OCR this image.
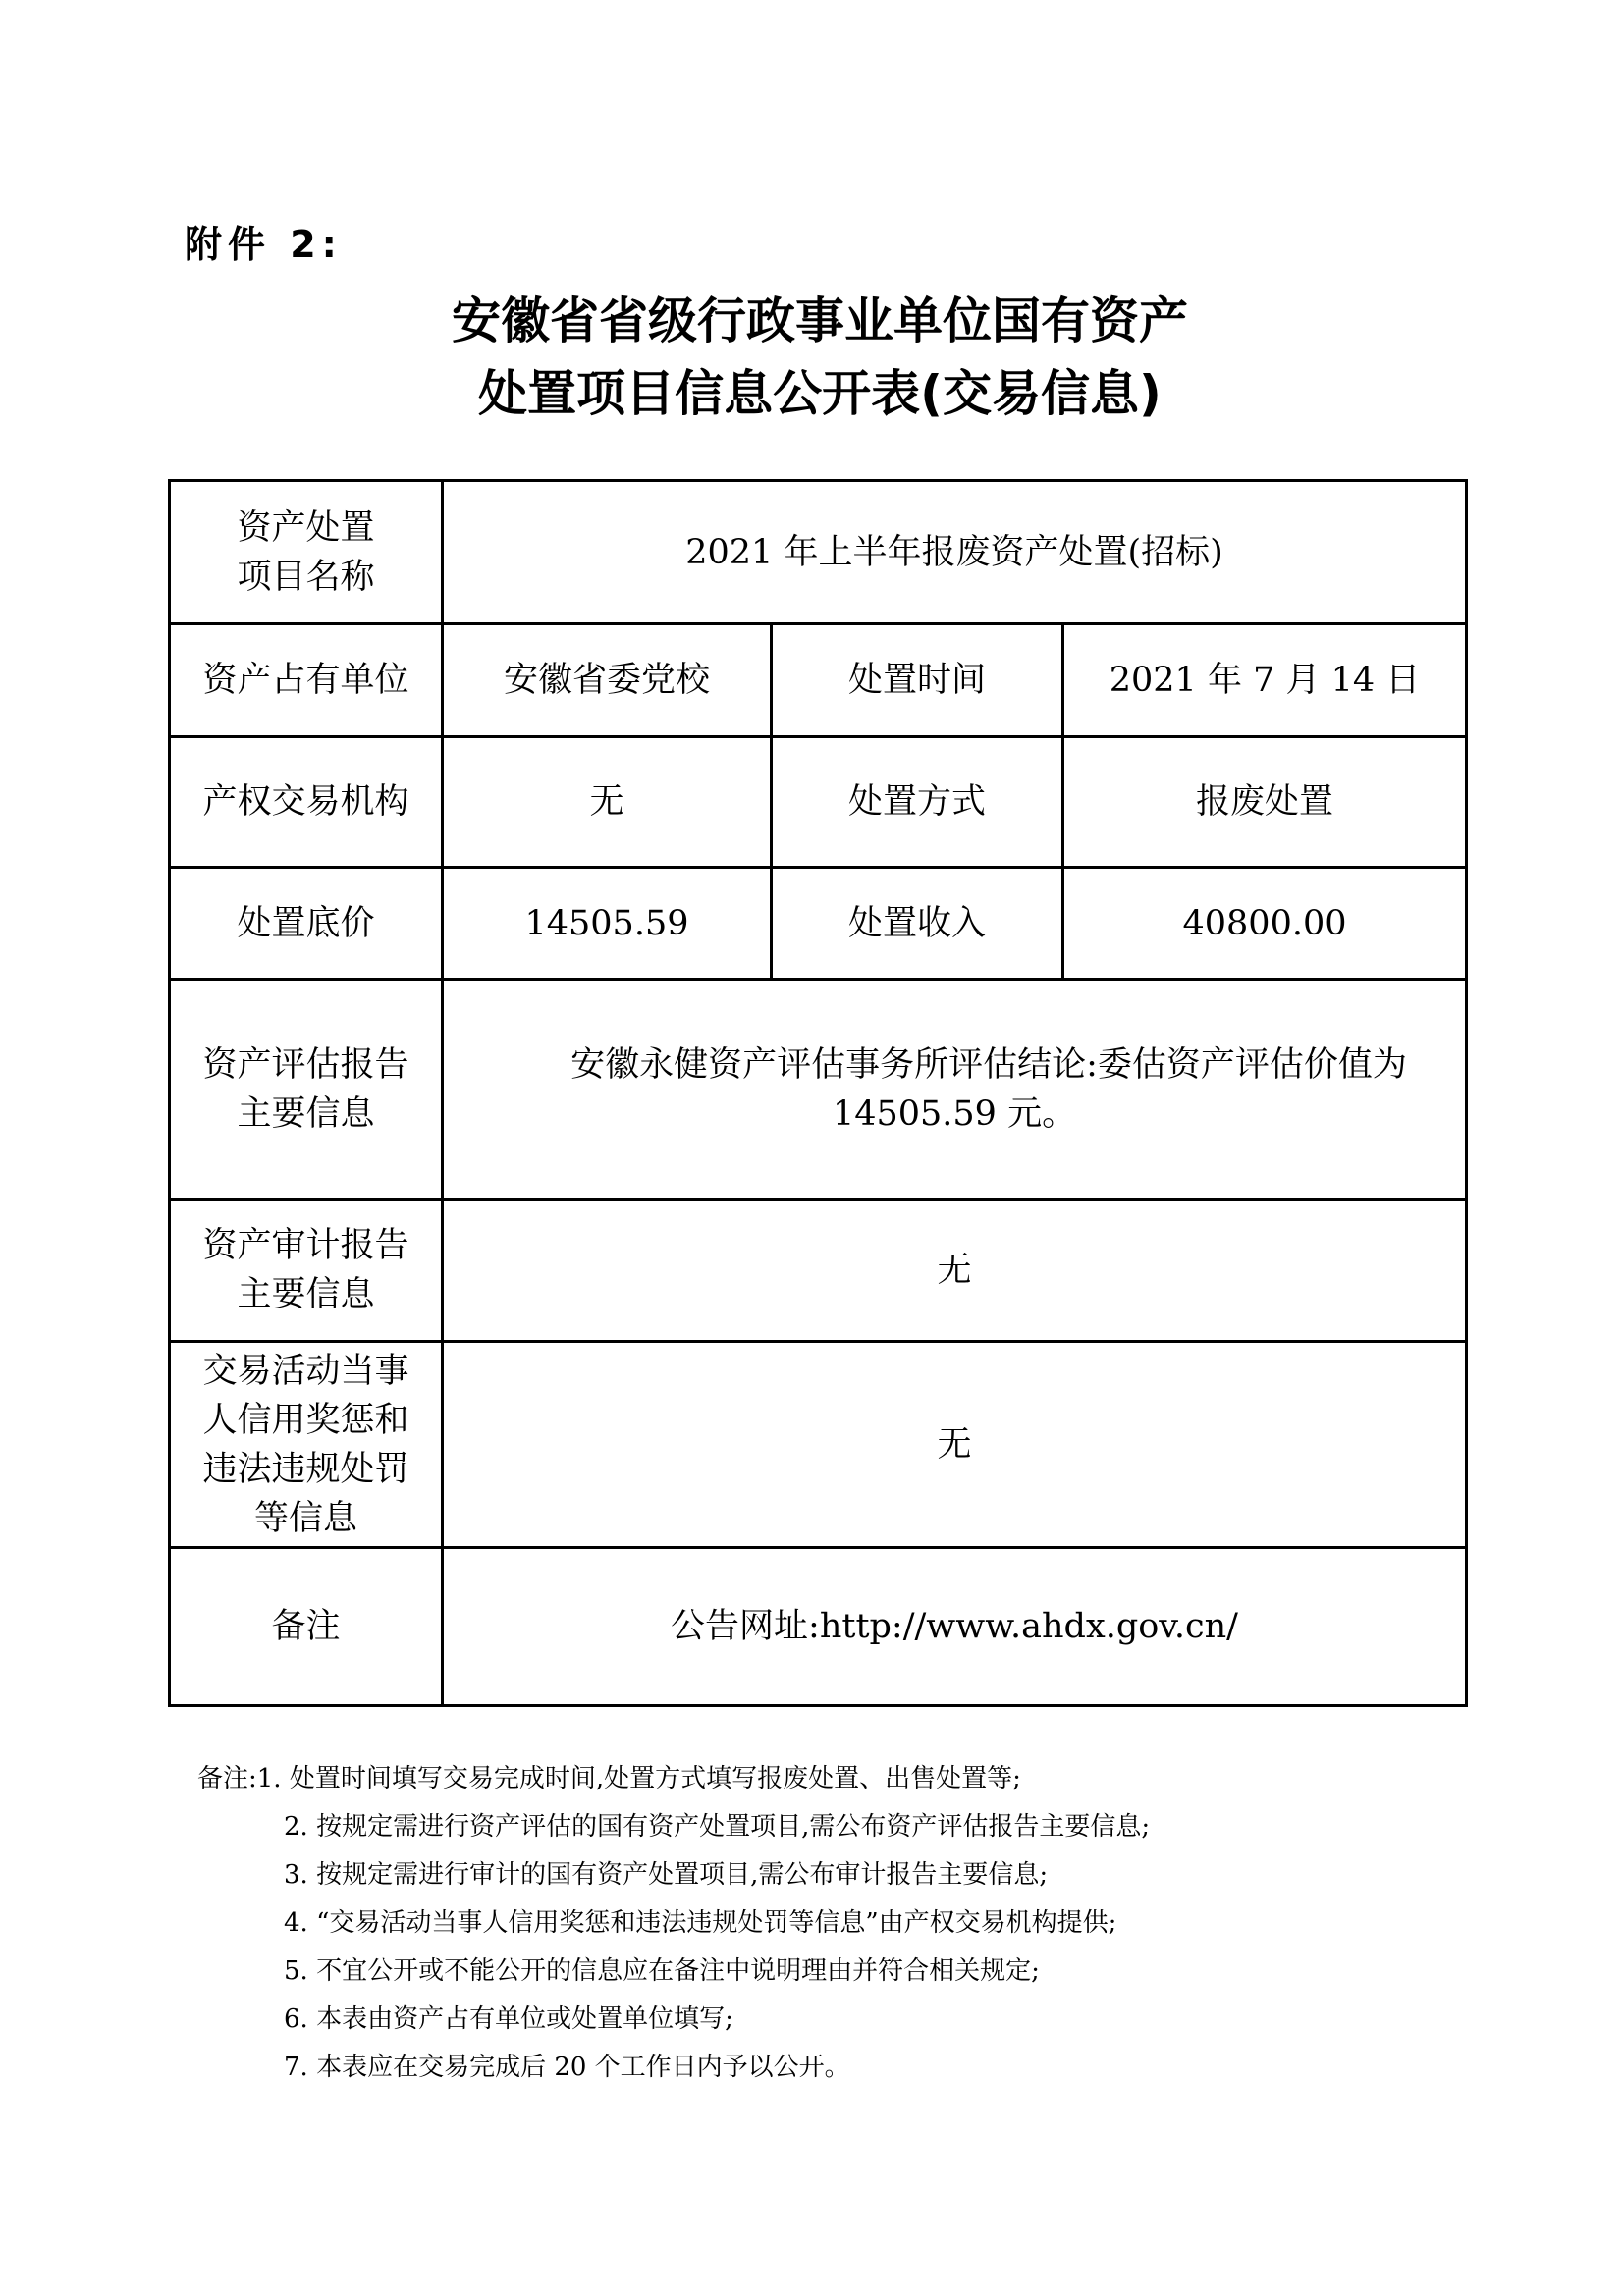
附件 2:
安徽省省级行政事业单位国有资产
处置项目信息公开表(交易信息)
资产处置
项目名称	2021 年上半年报废资产处置(招标)		
资产占有单位	安徽省委党校	处置时间	2021 年 7 月 14 日
产权交易机构	无	处置方式	报废处置
处置底价	14505.59	处置收入	40800.00

资产评估报告
主要信息	安徽永健资产评估事务所评估结论:委估资产评估价值为 14505.59 元。		

资产审计报告
主要信息	无		

交易活动当事
人信用奖惩和
违法违规处罚
等信息	无		
备注	公告网址:http://www.ahdx.gov.cn/		
备注:1. 处置时间填写交易完成时间,处置方式填写报废处置、出售处置等;
2. 按规定需进行资产评估的国有资产处置项目,需公布资产评估报告主要信息;
3. 按规定需进行审计的国有资产处置项目,需公布审计报告主要信息;
4. “交易活动当事人信用奖惩和违法违规处罚等信息”由产权交易机构提供;
5. 不宜公开或不能公开的信息应在备注中说明理由并符合相关规定;
6. 本表由资产占有单位或处置单位填写;
7. 本表应在交易完成后 20 个工作日内予以公开。
